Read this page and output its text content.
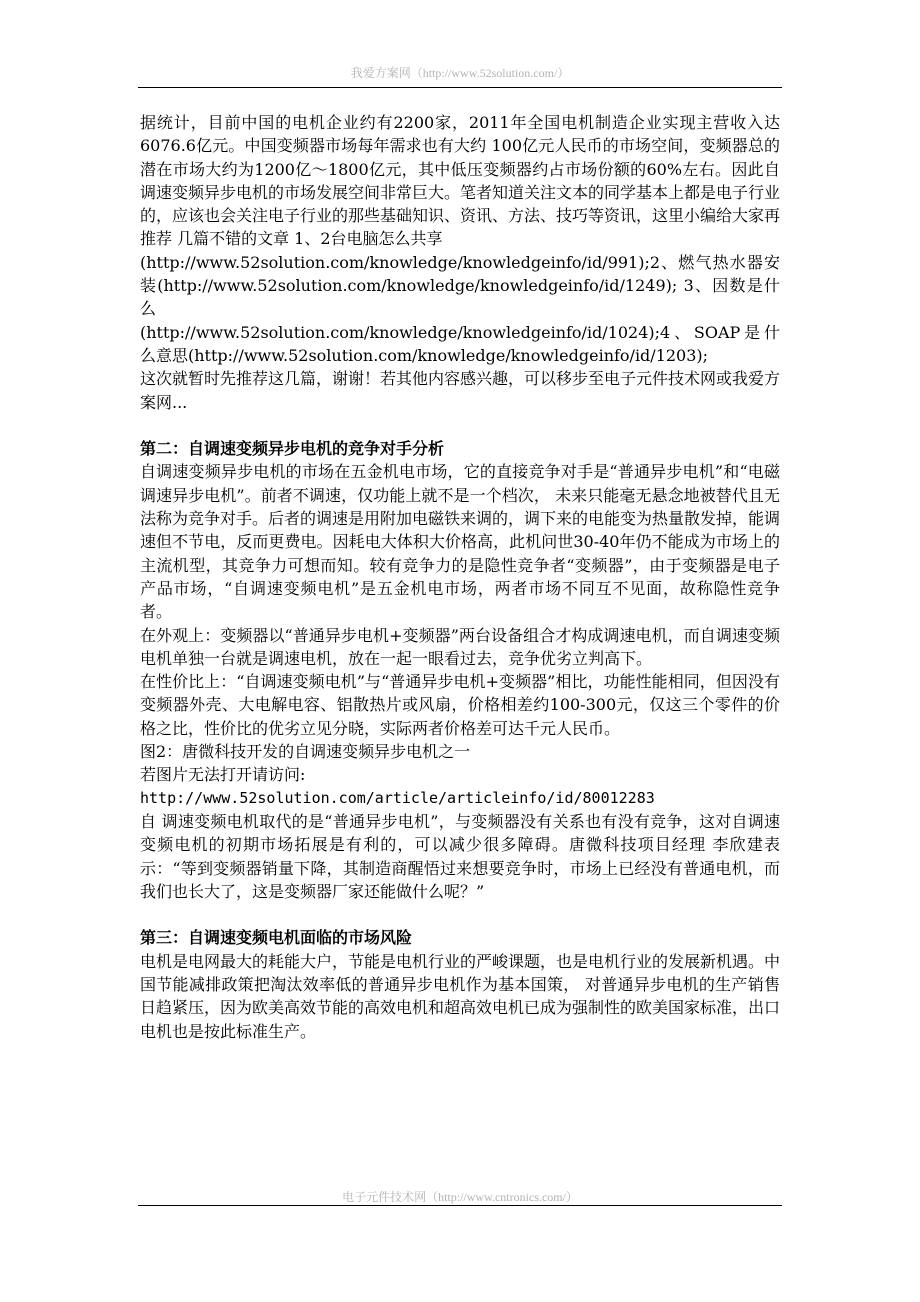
我爱方案网（http://www.52solution.com/）

据统计，目前中国的电机企业约有2200家，2011年全国电机制造企业实现主营收入达6076.6亿元。中国变频器市场每年需求也有大约 100亿元人民币的市场空间，变频器总的潜在市场大约为1200亿～1800亿元，其中低压变频器约占市场份额的60%左右。因此自调速变频异步电机的市场发展空间非常巨大。笔者知道关注文本的同学基本上都是电子行业的，应该也会关注电子行业的那些基础知识、资讯、方法、技巧等资讯，这里小编给大家再推荐 几篇不错的文章 1、2台电脑怎么共享

(http://www.52solution.com/knowledge/knowledgeinfo/id/991);2、燃气热水器安装(http://www.52solution.com/knowledge/knowledgeinfo/id/1249); 3、因数是什么

(http://www.52solution.com/knowledge/knowledgeinfo/id/1024);4、SOAP是什么意思(http://www.52solution.com/knowledge/knowledgeinfo/id/1203);

这次就暂时先推荐这几篇，谢谢！若其他内容感兴趣，可以移步至电子元件技术网或我爱方案网...

第二：自调速变频异步电机的竞争对手分析

自调速变频异步电机的市场在五金机电市场，它的直接竞争对手是“普通异步电机”和“电磁调速异步电机”。前者不调速，仅功能上就不是一个档次， 未来只能毫无悬念地被替代且无法称为竞争对手。后者的调速是用附加电磁铁来调的，调下来的电能变为热量散发掉，能调速但不节电，反而更费电。因耗电大体积大价格高，此机问世30-40年仍不能成为市场上的主流机型，其竞争力可想而知。较有竞争力的是隐性竞争者“变频器”，由于变频器是电子产品市场，“自调速变频电机”是五金机电市场，两者市场不同互不见面，故称隐性竞争者。

在外观上：变频器以“普通异步电机+变频器”两台设备组合才构成调速电机，而自调速变频电机单独一台就是调速电机，放在一起一眼看过去，竞争优劣立判高下。

在性价比上：“自调速变频电机”与“普通异步电机+变频器”相比，功能性能相同，但因没有变频器外壳、大电解电容、铝散热片或风扇，价格相差约100-300元，仅这三个零件的价格之比，性价比的优劣立见分晓，实际两者价格差可达千元人民币。

图2：唐微科技开发的自调速变频异步电机之一

若图片无法打开请访问:

http://www.52solution.com/article/articleinfo/id/80012283

自 调速变频电机取代的是“普通异步电机”，与变频器没有关系也有没有竞争，这对自调速变频电机的初期市场拓展是有利的，可以减少很多障碍。唐微科技项目经理 李欣建表示：“等到变频器销量下降，其制造商醒悟过来想要竞争时，市场上已经没有普通电机，而我们也长大了，这是变频器厂家还能做什么呢？”

第三：自调速变频电机面临的市场风险

电机是电网最大的耗能大户，节能是电机行业的严峻课题，也是电机行业的发展新机遇。中国节能减排政策把淘汰效率低的普通异步电机作为基本国策， 对普通异步电机的生产销售日趋紧压，因为欧美高效节能的高效电机和超高效电机已成为强制性的欧美国家标准，出口电机也是按此标准生产。

电子元件技术网（http://www.cntronics.com/）
